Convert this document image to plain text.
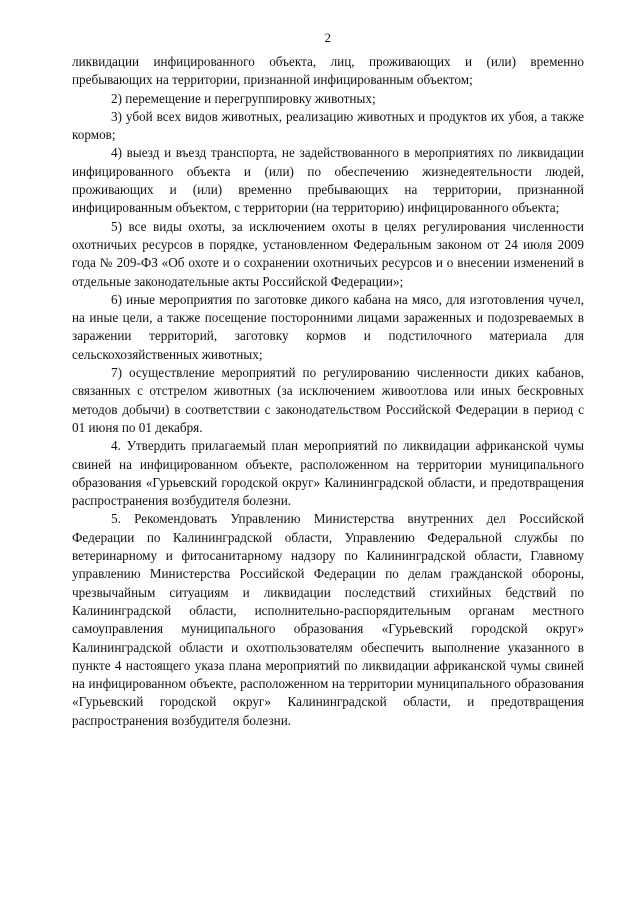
2

ликвидации инфицированного объекта, лиц, проживающих и (или) временно пребывающих на территории, признанной инфицированным объектом;

2) перемещение и перегруппировку животных;

3) убой всех видов животных, реализацию животных и продуктов их убоя, а также кормов;

4) выезд и въезд транспорта, не задействованного в мероприятиях по ликвидации инфицированного объекта и (или) по обеспечению жизнедеятельности людей, проживающих и (или) временно пребывающих на территории, признанной инфицированным объектом, с территории (на территорию) инфицированного объекта;

5) все виды охоты, за исключением охоты в целях регулирования численности охотничьих ресурсов в порядке, установленном Федеральным законом от 24 июля 2009 года № 209-ФЗ «Об охоте и о сохранении охотничьих ресурсов и о внесении изменений в отдельные законодательные акты Российской Федерации»;

6) иные мероприятия по заготовке дикого кабана на мясо, для изготовления чучел, на иные цели, а также посещение посторонними лицами зараженных и подозреваемых в заражении территорий, заготовку кормов и подстилочного материала для сельскохозяйственных животных;

7) осуществление мероприятий по регулированию численности диких кабанов, связанных с отстрелом животных (за исключением живоотлова или иных бескровных методов добычи) в соответствии с законодательством Российской Федерации в период с 01 июня по 01 декабря.

4. Утвердить прилагаемый план мероприятий по ликвидации африканской чумы свиней на инфицированном объекте, расположенном на территории муниципального образования «Гурьевский городской округ» Калининградской области, и предотвращения распространения возбудителя болезни.

5. Рекомендовать Управлению Министерства внутренних дел Российской Федерации по Калининградской области, Управлению Федеральной службы по ветеринарному и фитосанитарному надзору по Калининградской области, Главному управлению Министерства Российской Федерации по делам гражданской обороны, чрезвычайным ситуациям и ликвидации последствий стихийных бедствий по Калининградской области, исполнительно-распорядительным органам местного самоуправления муниципального образования «Гурьевский городской округ» Калининградской области и охотпользователям обеспечить выполнение указанного в пункте 4 настоящего указа плана мероприятий по ликвидации африканской чумы свиней на инфицированном объекте, расположенном на территории муниципального образования «Гурьевский городской округ» Калининградской области, и предотвращения распространения возбудителя болезни.
